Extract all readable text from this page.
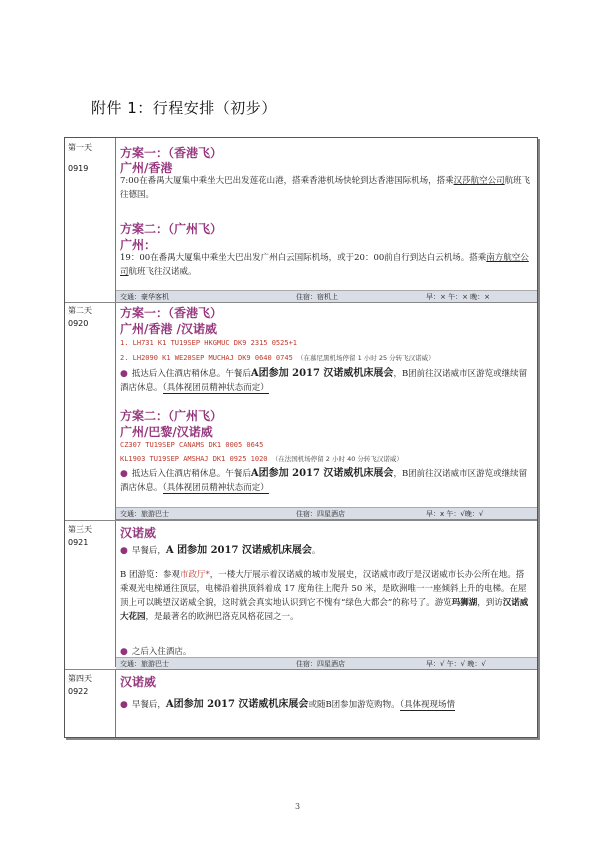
附件 1：行程安排（初步）
第一天
0919
方案一：（香港飞）
广州/香港
7:00在番禺大厦集中乘坐大巴出发莲花山港，搭乘香港机场快轮到达香港国际机场，搭乘汉莎航空公司航班飞往德国。
方案二：（广州飞）
广州：
19：00在番禺大厦集中乘坐大巴出发广州白云国际机场，或于20：00前自行到达白云机场。搭乘南方航空公司航班飞往汉诺威。
交通：豪华客机	住宿：宿机上	早：× 午：× 晚：×
第二天
0920
方案一：（香港飞）
广州/香港 /汉诺威
1. LH731 K1 TU19SEP HKGMUC DK9 2315 0525+1
2. LH2090 K1 WE20SEP MUCHAJ DK9 0640 0745 （在慕尼黑机场停留 1 小时 25 分转飞汉诺威）
● 抵达后入住酒店稍休息。午餐后A团参加 2017 汉诺威机床展会，B团前往汉诺威市区游览或继续留酒店休息。（具体视团员精神状态而定）
方案二：（广州飞）
广州/巴黎/汉诺威
CZ307 TU19SEP CANAMS DK1 0005 0645
KL1903 TU19SEP AMSHAJ DK1 0925 1020 （在法国机场停留 2 小时 40 分转飞汉诺威）
● 抵达后入住酒店稍休息。午餐后A团参加 2017 汉诺威机床展会，B团前往汉诺威市区游览或继续留酒店休息。（具体视团员精神状态而定）
交通：旅游巴士	住宿：四星酒店	早：x 午：√晚：√
第三天
0921
汉诺威
● 早餐后，A 团参加 2017 汉诺威机床展会。
B 团游览：参观市政厅*，一楼大厅展示着汉诺威的城市发展史，汉诺威市政厅是汉诺威市长办公所在地。搭乘观光电梯通往顶层，电梯沿着拱顶斜着成 17 度角往上爬升 50 米，是欧洲唯一一座倾斜上升的电梯。在屋顶上可以眺望汉诺威全貌，这时就会真实地认识到它不愧有“绿色大都会”的称号了。游览玛狮湖，到访汉诺威大花园，是最著名的欧洲巴洛克风格花园之一。
● 之后入住酒店。
交通：旅游巴士	住宿：四星酒店	早：√ 午：√ 晚：√
第四天
0922
汉诺威
● 早餐后，A团参加 2017 汉诺威机床展会或随B团参加游览购物。（具体视现场情
3
